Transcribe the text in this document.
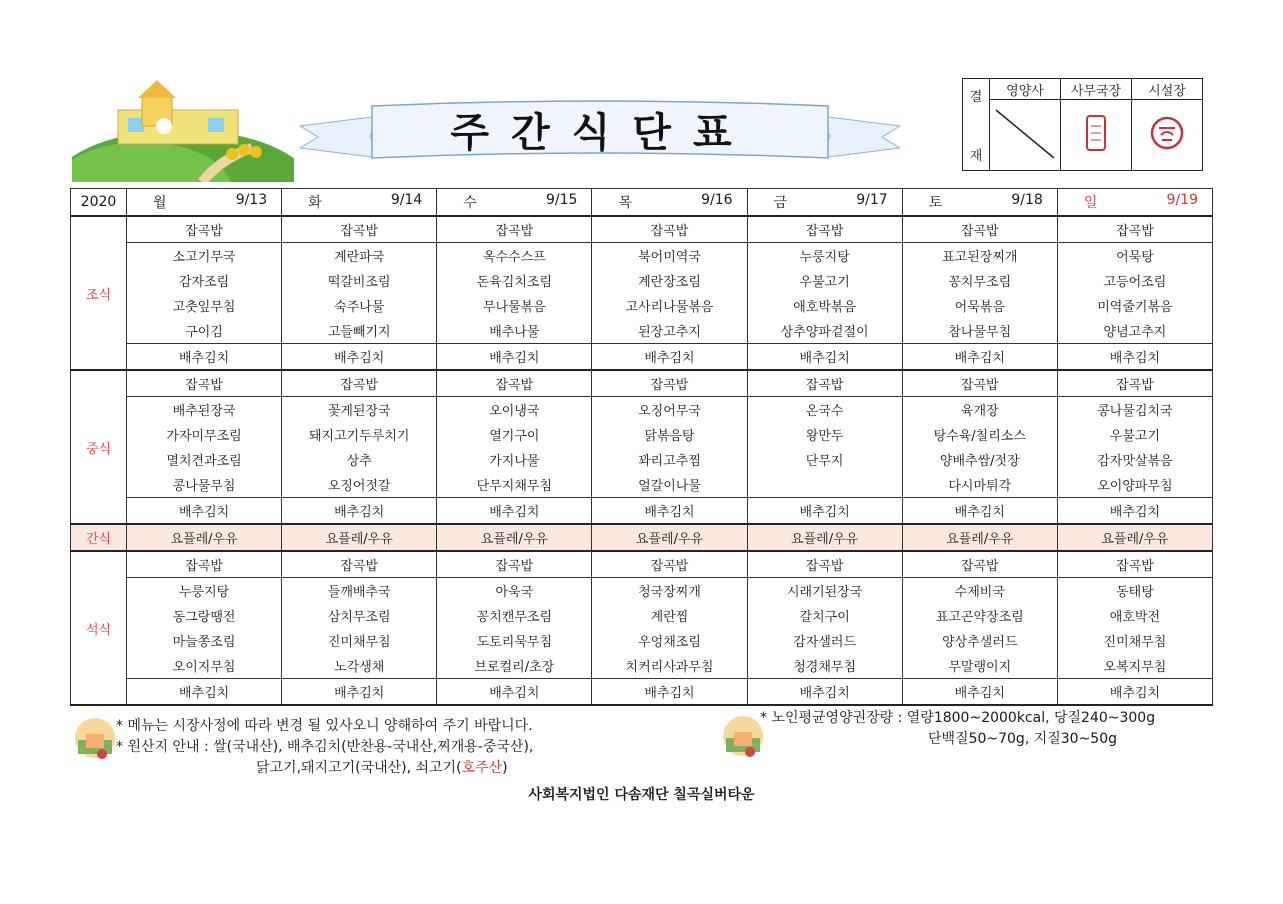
주간식단표
결
재	영양사	사무국장	시설장

2020	월 9/13	화 9/14	수 9/15	목 9/16	금 9/17	토 9/18	일 9/19

조식	잡곡밥	잡곡밥	잡곡밥	잡곡밥	잡곡밥	잡곡밥	잡곡밥
	소고기무국	계란파국	옥수수스프	북어미역국	누룽지탕	표고된장찌개	어묵탕
	감자조림	떡갈비조림	돈육김치조림	계란장조림	우불고기	꽁치무조림	고등어조림
	고춧잎무침	숙주나물	무나물볶음	고사리나물볶음	애호박볶음	어묵볶음	미역줄기볶음
	구이김	고들빼기지	배추나물	된장고추지	상추양파겉절이	참나물무침	양념고추지
	배추김치	배추김치	배추김치	배추김치	배추김치	배추김치	배추김치
중식	잡곡밥	잡곡밥	잡곡밥	잡곡밥	잡곡밥	잡곡밥	잡곡밥
	배추된장국	꽃게된장국	오이냉국	오징어무국	온국수	육개장	콩나물김치국
	가자미무조림	돼지고기두루치기	열기구이	닭볶음탕	왕만두	탕수육/칠리소스	우불고기
	멸치견과조림	상추	가지나물	꽈리고추찜	단무지	양배추쌈/젓장	감자맛살볶음
	콩나물무침	오징어젓갈	단무지채무침	얼갈이나물		다시마튀각	오이양파무침
	배추김치	배추김치	배추김치	배추김치	배추김치	배추김치	배추김치
간식	요플레/우유	요플레/우유	요플레/우유	요플레/우유	요플레/우유	요플레/우유	요플레/우유
석식	잡곡밥	잡곡밥	잡곡밥	잡곡밥	잡곡밥	잡곡밥	잡곡밥
	누룽지탕	들깨배추국	아욱국	청국장찌개	시래기된장국	수제비국	동태탕
	동그랑땡전	삼치무조림	꽁치캔무조림	계란찜	갈치구이	표고곤약장조림	애호박전
	마늘쫑조림	진미채무침	도토리묵무침	우엉채조림	감자샐러드	양상추샐러드	진미채무침
	오이지무침	노각생채	브로컬리/초장	치커리사과무침	청경채무침	무말랭이지	오복지무침
	배추김치	배추김치	배추김치	배추김치	배추김치	배추김치	배추김치
* 메뉴는 시장사정에 따라 변경 될 있사오니 양해하여 주기 바랍니다.
* 원산지 안내 : 쌀(국내산), 배추김치(반찬용-국내산,찌개용-중국산),
닭고기,돼지고기(국내산), 쇠고기(호주산)
* 노인평균영양권장량 : 열량1800~2000kcal, 당질240~300g
단백질50~70g, 지질30~50g
사회복지법인 다솜재단 칠곡실버타운
